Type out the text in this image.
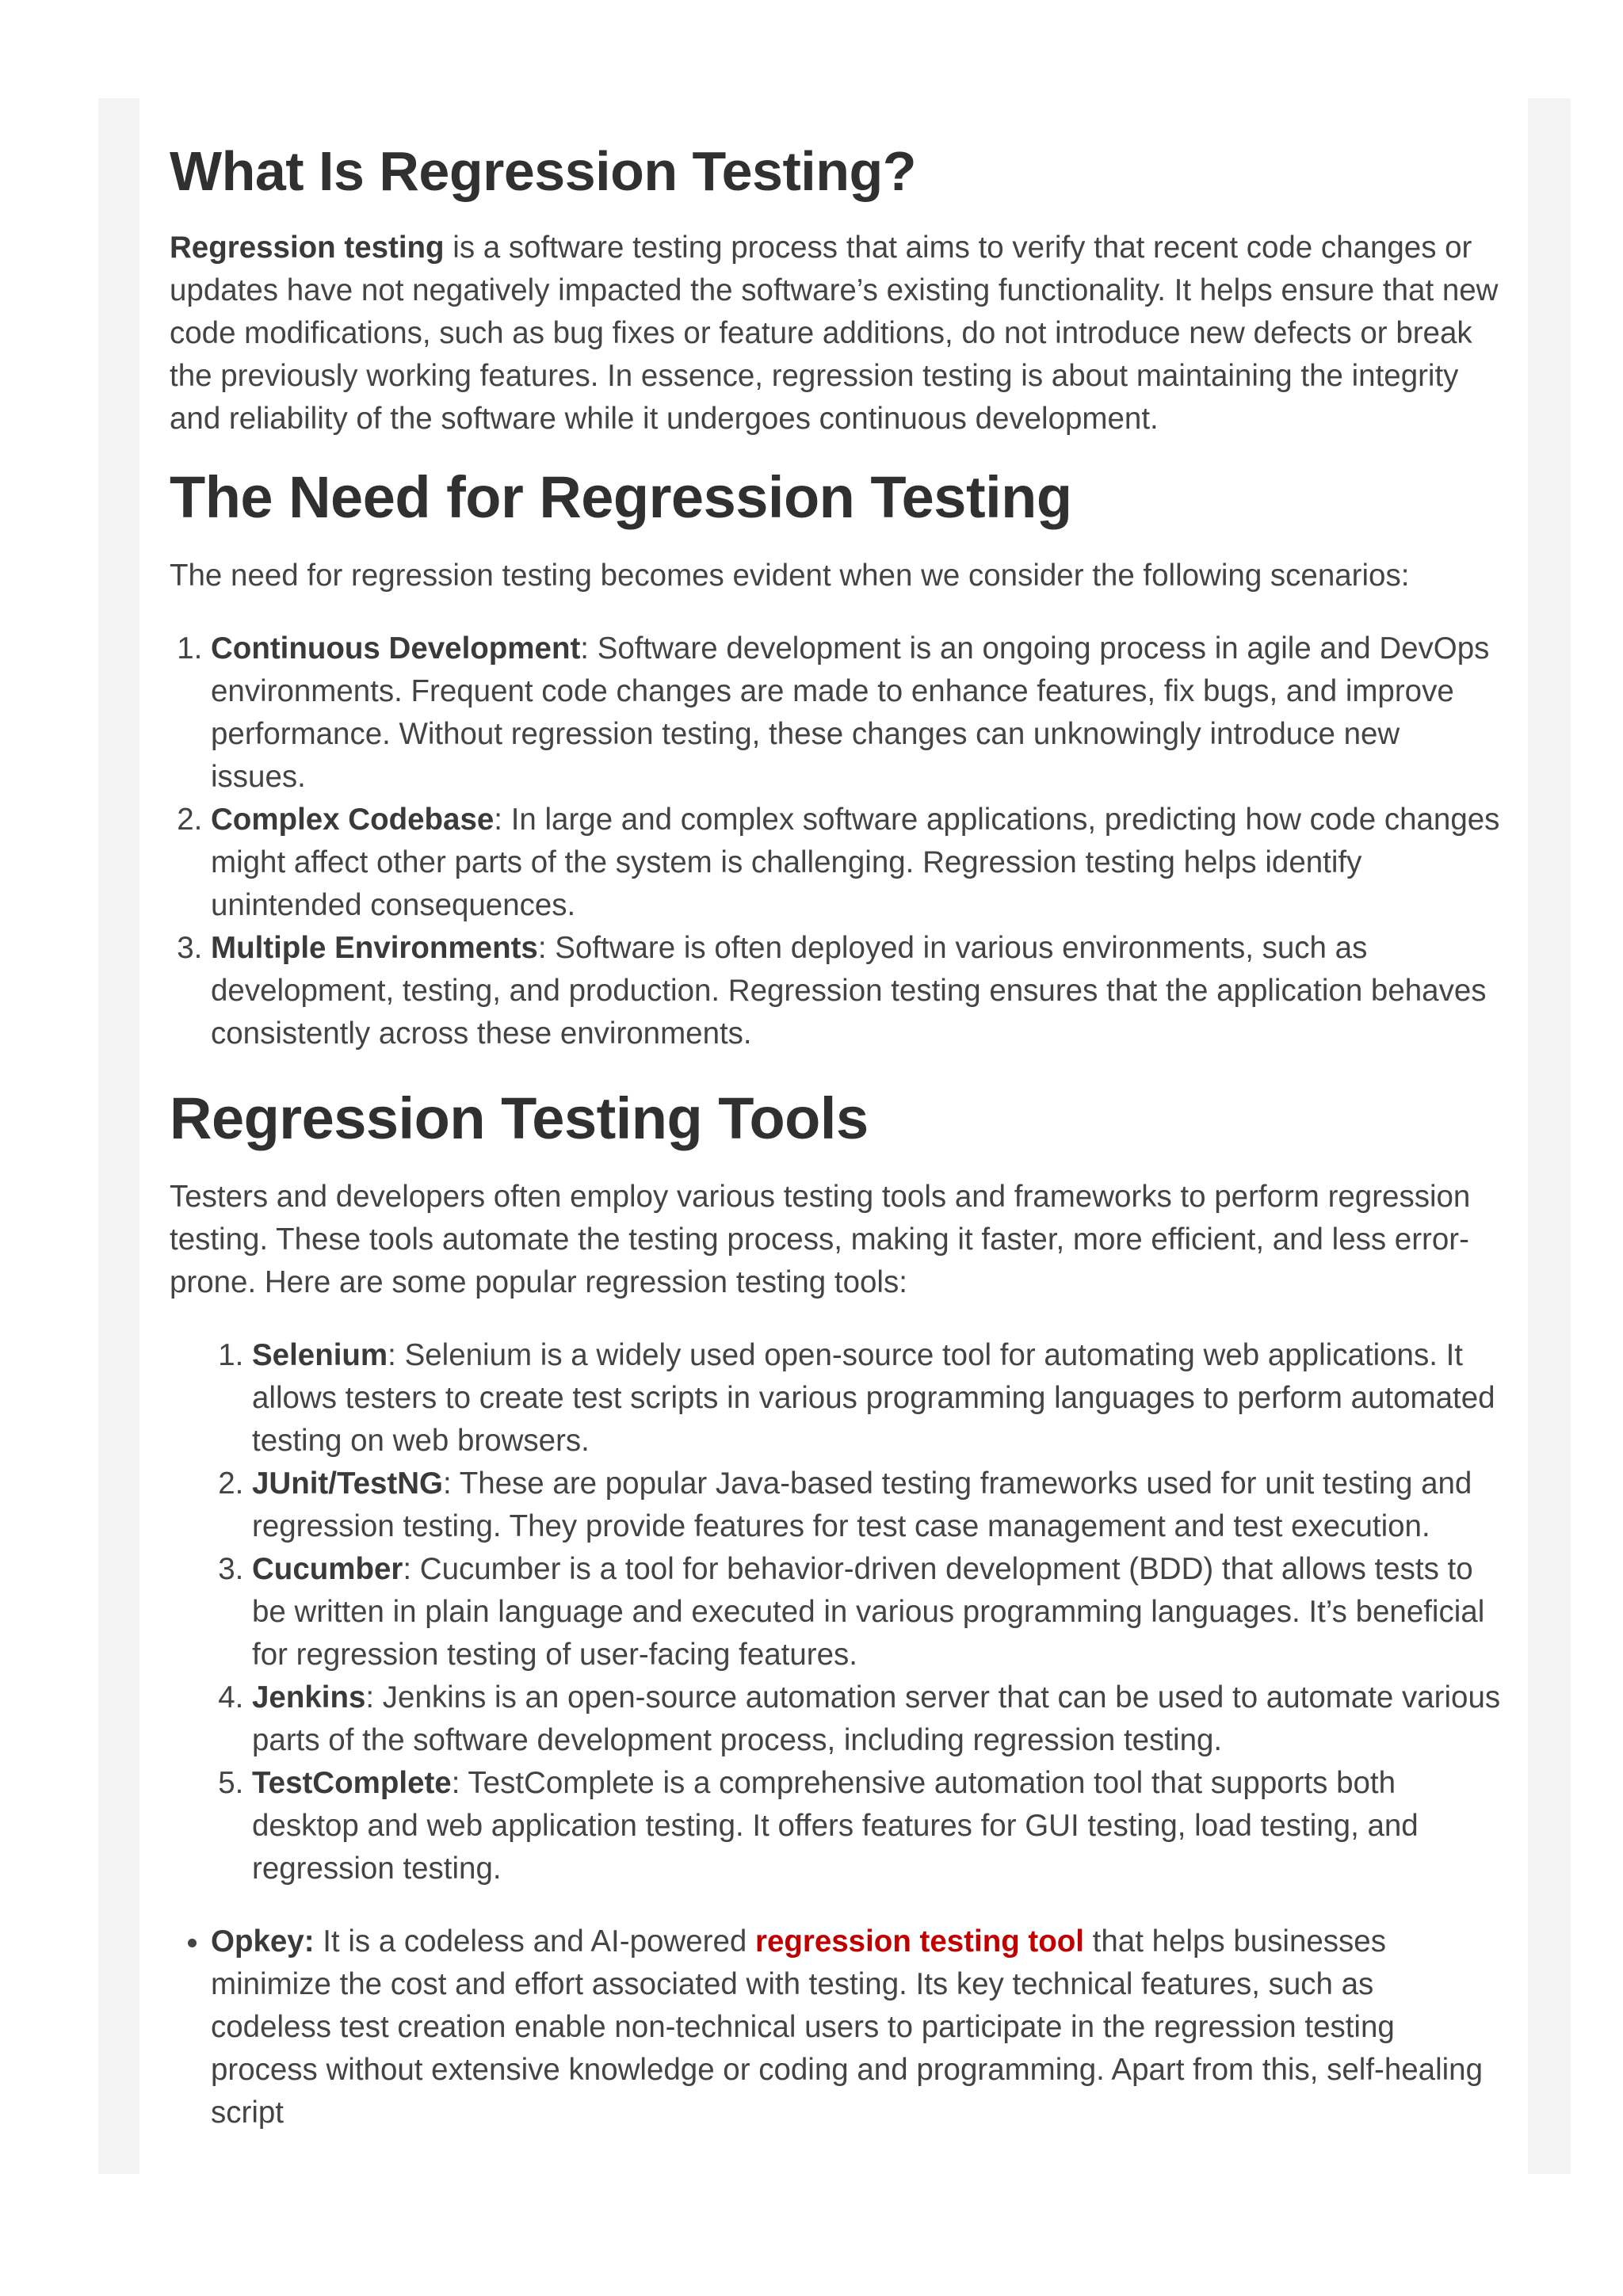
What Is Regression Testing?

Regression testing is a software testing process that aims to verify that recent code changes or updates have not negatively impacted the software’s existing functionality. It helps ensure that new code modifications, such as bug fixes or feature additions, do not introduce new defects or break the previously working features. In essence, regression testing is about maintaining the integrity and reliability of the software while it undergoes continuous development.

The Need for Regression Testing

The need for regression testing becomes evident when we consider the following scenarios:

1. Continuous Development: Software development is an ongoing process in agile and DevOps environments. Frequent code changes are made to enhance features, fix bugs, and improve performance. Without regression testing, these changes can unknowingly introduce new issues.
2. Complex Codebase: In large and complex software applications, predicting how code changes might affect other parts of the system is challenging. Regression testing helps identify unintended consequences.
3. Multiple Environments: Software is often deployed in various environments, such as development, testing, and production. Regression testing ensures that the application behaves consistently across these environments.
Regression Testing Tools

Testers and developers often employ various testing tools and frameworks to perform regression testing. These tools automate the testing process, making it faster, more efficient, and less error-prone. Here are some popular regression testing tools:

1. Selenium: Selenium is a widely used open-source tool for automating web applications. It allows testers to create test scripts in various programming languages to perform automated testing on web browsers.
2. JUnit/TestNG: These are popular Java-based testing frameworks used for unit testing and regression testing. They provide features for test case management and test execution.
3. Cucumber: Cucumber is a tool for behavior-driven development (BDD) that allows tests to be written in plain language and executed in various programming languages. It’s beneficial for regression testing of user-facing features.
4. Jenkins: Jenkins is an open-source automation server that can be used to automate various parts of the software development process, including regression testing.
5. TestComplete: TestComplete is a comprehensive automation tool that supports both desktop and web application testing. It offers features for GUI testing, load testing, and regression testing.
• Opkey: It is a codeless and AI-powered regression testing tool that helps businesses minimize the cost and effort associated with testing. Its key technical features, such as codeless test creation enable non-technical users to participate in the regression testing process without extensive knowledge or coding and programming. Apart from this, self-healing script
